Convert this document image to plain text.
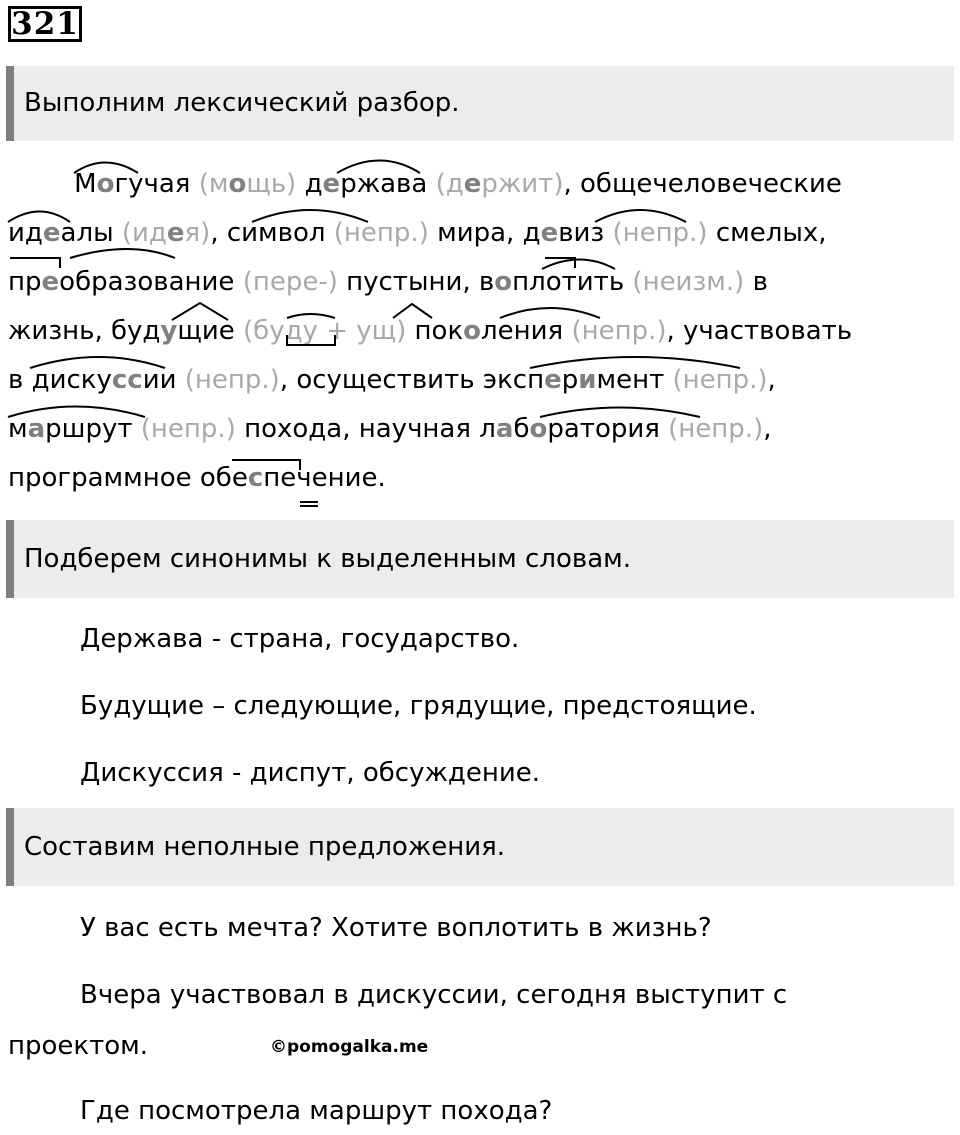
321
Выполним лексический разбор.
Могучая (мощь) держава (держит), общечеловеческие
идеалы (идея), символ (непр.) мира, девиз (непр.) смелых,
преобразование (пере-) пустыни, воплотить (неизм.) в
жизнь, будущие (буду + ущ) поколения (непр.), участвовать
в дискуссии (непр.), осуществить эксперимент (непр.),
маршрут (непр.) похода, научная лаборатория (непр.),
программное обеспечение.
Подберем синонимы к выделенным словам.
Держава - страна, государство.
Будущие – следующие, грядущие, предстоящие.
Дискуссия - диспут, обсуждение.
Составим неполные предложения.
У вас есть мечта? Хотите воплотить в жизнь?
Вчера участвовал в дискуссии, сегодня выступит с
проектом.	©pomogalka.me
Где посмотрела маршрут похода?
